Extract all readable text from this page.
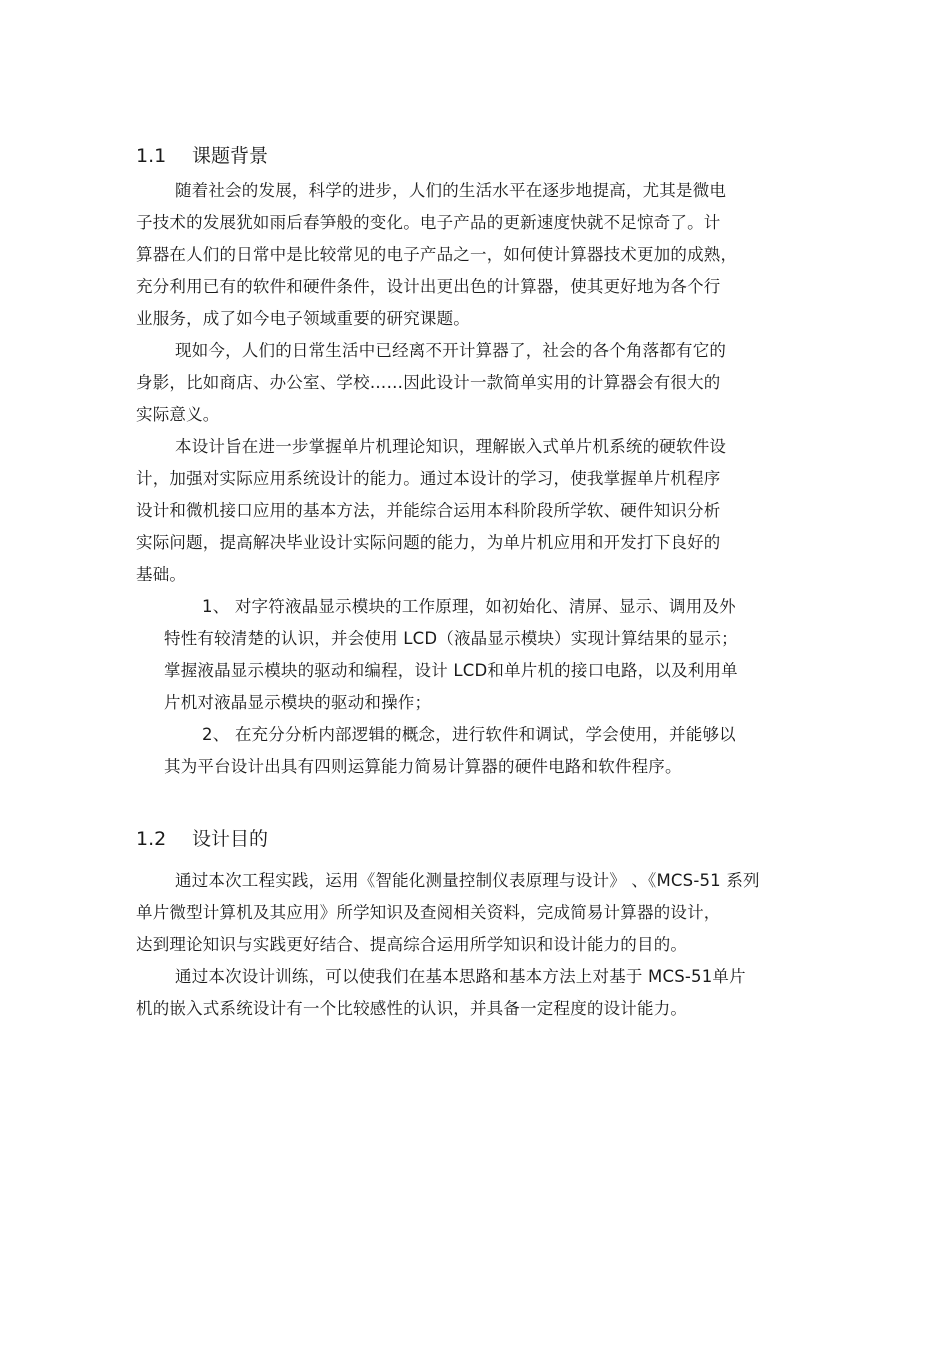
1.1 课题背景
随着社会的发展，科学的进步，人们的生活水平在逐步地提高，尤其是微电
子技术的发展犹如雨后春笋般的变化。电子产品的更新速度快就不足惊奇了。计
算器在人们的日常中是比较常见的电子产品之一，如何使计算器技术更加的成熟，
充分利用已有的软件和硬件条件，设计出更出色的计算器，使其更好地为各个行
业服务，成了如今电子领域重要的研究课题。
现如今，人们的日常生活中已经离不开计算器了，社会的各个角落都有它的
身影，比如商店、办公室、学校……因此设计一款简单实用的计算器会有很大的
实际意义。
本设计旨在进一步掌握单片机理论知识，理解嵌入式单片机系统的硬软件设
计，加强对实际应用系统设计的能力。通过本设计的学习，使我掌握单片机程序
设计和微机接口应用的基本方法，并能综合运用本科阶段所学软、硬件知识分析
实际问题，提高解决毕业设计实际问题的能力，为单片机应用和开发打下良好的
基础。
1、 对字符液晶显示模块的工作原理，如初始化、清屏、显示、调用及外
特性有较清楚的认识，并会使用 LCD（液晶显示模块）实现计算结果的显示；
掌握液晶显示模块的驱动和编程，设计 LCD和单片机的接口电路，以及利用单
片机对液晶显示模块的驱动和操作；
2、 在充分分析内部逻辑的概念，进行软件和调试，学会使用，并能够以
其为平台设计出具有四则运算能力简易计算器的硬件电路和软件程序。
1.2 设计目的
通过本次工程实践，运用《智能化测量控制仪表原理与设计》 、《MCS-51 系列
单片微型计算机及其应用》所学知识及查阅相关资料，完成简易计算器的设计，
达到理论知识与实践更好结合、提高综合运用所学知识和设计能力的目的。
通过本次设计训练，可以使我们在基本思路和基本方法上对基于 MCS-51单片
机的嵌入式系统设计有一个比较感性的认识，并具备一定程度的设计能力。
